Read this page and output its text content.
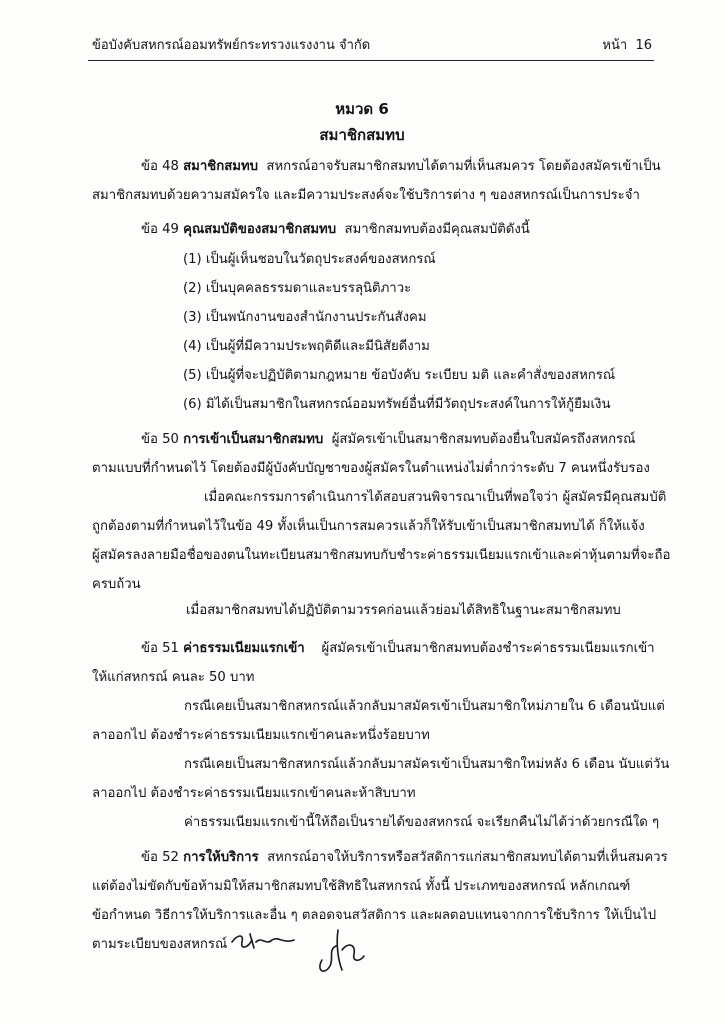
ข้อบังคับสหกรณ์ออมทรัพย์กระทรวงแรงงาน จำกัด	หน้า 16
หมวด 6
สมาชิกสมทบ
ข้อ 48 สมาชิกสมทบ สหกรณ์อาจรับสมาชิกสมทบได้ตามที่เห็นสมควร โดยต้องสมัครเข้าเป็น
สมาชิกสมทบด้วยความสมัครใจ และมีความประสงค์จะใช้บริการต่าง ๆ ของสหกรณ์เป็นการประจำ
ข้อ 49 คุณสมบัติของสมาชิกสมทบ สมาชิกสมทบต้องมีคุณสมบัติดังนี้
(1) เป็นผู้เห็นชอบในวัตถุประสงค์ของสหกรณ์
(2) เป็นบุคคลธรรมดาและบรรลุนิติภาวะ
(3) เป็นพนักงานของสำนักงานประกันสังคม
(4) เป็นผู้ที่มีความประพฤติดีและมีนิสัยดีงาม
(5) เป็นผู้ที่จะปฏิบัติตามกฎหมาย ข้อบังคับ ระเบียบ มติ และคำสั่งของสหกรณ์
(6) มิได้เป็นสมาชิกในสหกรณ์ออมทรัพย์อื่นที่มีวัตถุประสงค์ในการให้กู้ยืมเงิน
ข้อ 50 การเข้าเป็นสมาชิกสมทบ ผู้สมัครเข้าเป็นสมาชิกสมทบต้องยื่นใบสมัครถึงสหกรณ์
ตามแบบที่กำหนดไว้ โดยต้องมีผู้บังคับบัญชาของผู้สมัครในตำแหน่งไม่ต่ำกว่าระดับ 7 คนหนึ่งรับรอง
เมื่อคณะกรรมการดำเนินการได้สอบสวนพิจารณาเป็นที่พอใจว่า ผู้สมัครมีคุณสมบัติ
ถูกต้องตามที่กำหนดไว้ในข้อ 49 ทั้งเห็นเป็นการสมควรแล้วก็ให้รับเข้าเป็นสมาชิกสมทบได้ ก็ให้แจ้ง
ผู้สมัครลงลายมือชื่อของตนในทะเบียนสมาชิกสมทบกับชำระค่าธรรมเนียมแรกเข้าและค่าหุ้นตามที่จะถือ
ครบถ้วน
เมื่อสมาชิกสมทบได้ปฏิบัติตามวรรคก่อนแล้วย่อมได้สิทธิในฐานะสมาชิกสมทบ
ข้อ 51 ค่าธรรมเนียมแรกเข้า ผู้สมัครเข้าเป็นสมาชิกสมทบต้องชำระค่าธรรมเนียมแรกเข้า
ให้แก่สหกรณ์ คนละ 50 บาท
กรณีเคยเป็นสมาชิกสหกรณ์แล้วกลับมาสมัครเข้าเป็นสมาชิกใหม่ภายใน 6 เดือนนับแต่
ลาออกไป ต้องชำระค่าธรรมเนียมแรกเข้าคนละหนึ่งร้อยบาท
กรณีเคยเป็นสมาชิกสหกรณ์แล้วกลับมาสมัครเข้าเป็นสมาชิกใหม่หลัง 6 เดือน นับแต่วัน
ลาออกไป ต้องชำระค่าธรรมเนียมแรกเข้าคนละห้าสิบบาท
ค่าธรรมเนียมแรกเข้านี้ให้ถือเป็นรายได้ของสหกรณ์ จะเรียกคืนไม่ได้ว่าด้วยกรณีใด ๆ
ข้อ 52 การให้บริการ สหกรณ์อาจให้บริการหรือสวัสดิการแก่สมาชิกสมทบได้ตามที่เห็นสมควร
แต่ต้องไม่ขัดกับข้อห้ามมิให้สมาชิกสมทบใช้สิทธิในสหกรณ์ ทั้งนี้ ประเภทของสหกรณ์ หลักเกณฑ์
ข้อกำหนด วิธีการให้บริการและอื่น ๆ ตลอดจนสวัสดิการ และผลตอบแทนจากการใช้บริการ ให้เป็นไป
ตามระเบียบของสหกรณ์
